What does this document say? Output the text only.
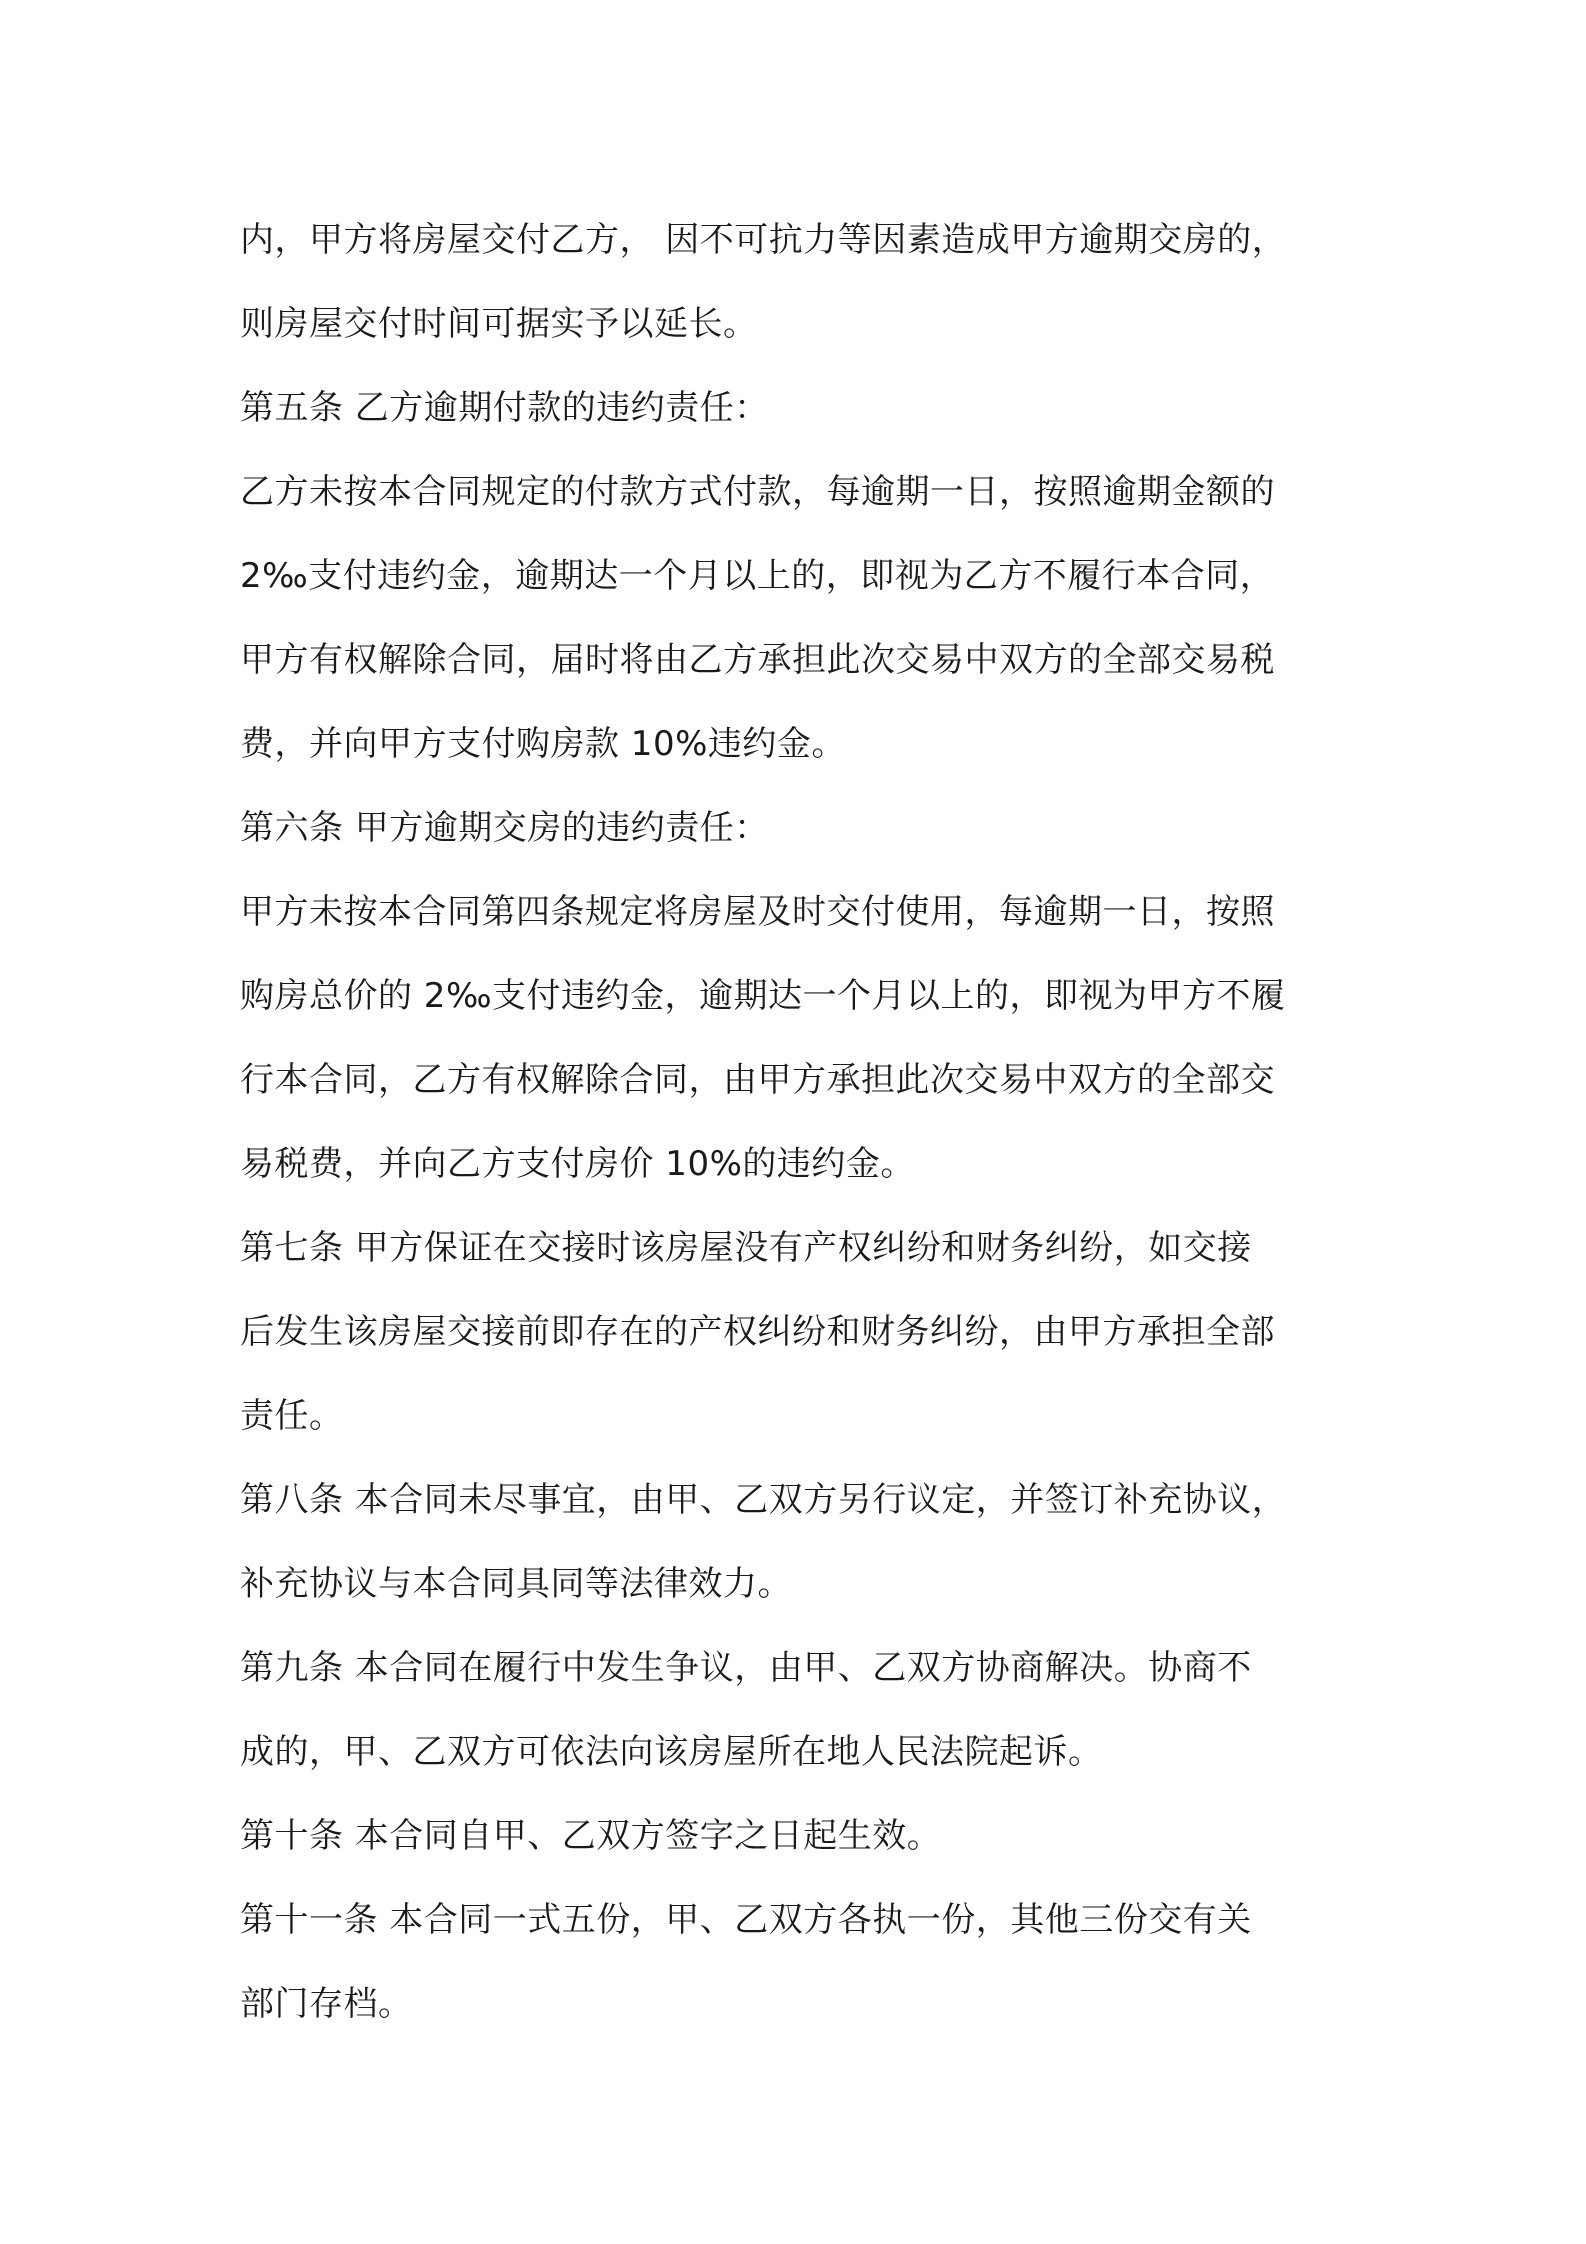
内，甲方将房屋交付乙方， 因不可抗力等因素造成甲方逾期交房的，
则房屋交付时间可据实予以延长。
第五条 乙方逾期付款的违约责任：
乙方未按本合同规定的付款方式付款，每逾期一日，按照逾期金额的
2‰支付违约金，逾期达一个月以上的，即视为乙方不履行本合同，
甲方有权解除合同，届时将由乙方承担此次交易中双方的全部交易税
费，并向甲方支付购房款 10%违约金。
第六条 甲方逾期交房的违约责任：
甲方未按本合同第四条规定将房屋及时交付使用，每逾期一日，按照
购房总价的 2‰支付违约金，逾期达一个月以上的，即视为甲方不履
行本合同，乙方有权解除合同，由甲方承担此次交易中双方的全部交
易税费，并向乙方支付房价 10%的违约金。
第七条 甲方保证在交接时该房屋没有产权纠纷和财务纠纷，如交接
后发生该房屋交接前即存在的产权纠纷和财务纠纷，由甲方承担全部
责任。
第八条 本合同未尽事宜，由甲、乙双方另行议定，并签订补充协议，
补充协议与本合同具同等法律效力。
第九条 本合同在履行中发生争议，由甲、乙双方协商解决。协商不
成的，甲、乙双方可依法向该房屋所在地人民法院起诉。
第十条 本合同自甲、乙双方签字之日起生效。
第十一条 本合同一式五份，甲、乙双方各执一份，其他三份交有关
部门存档。
